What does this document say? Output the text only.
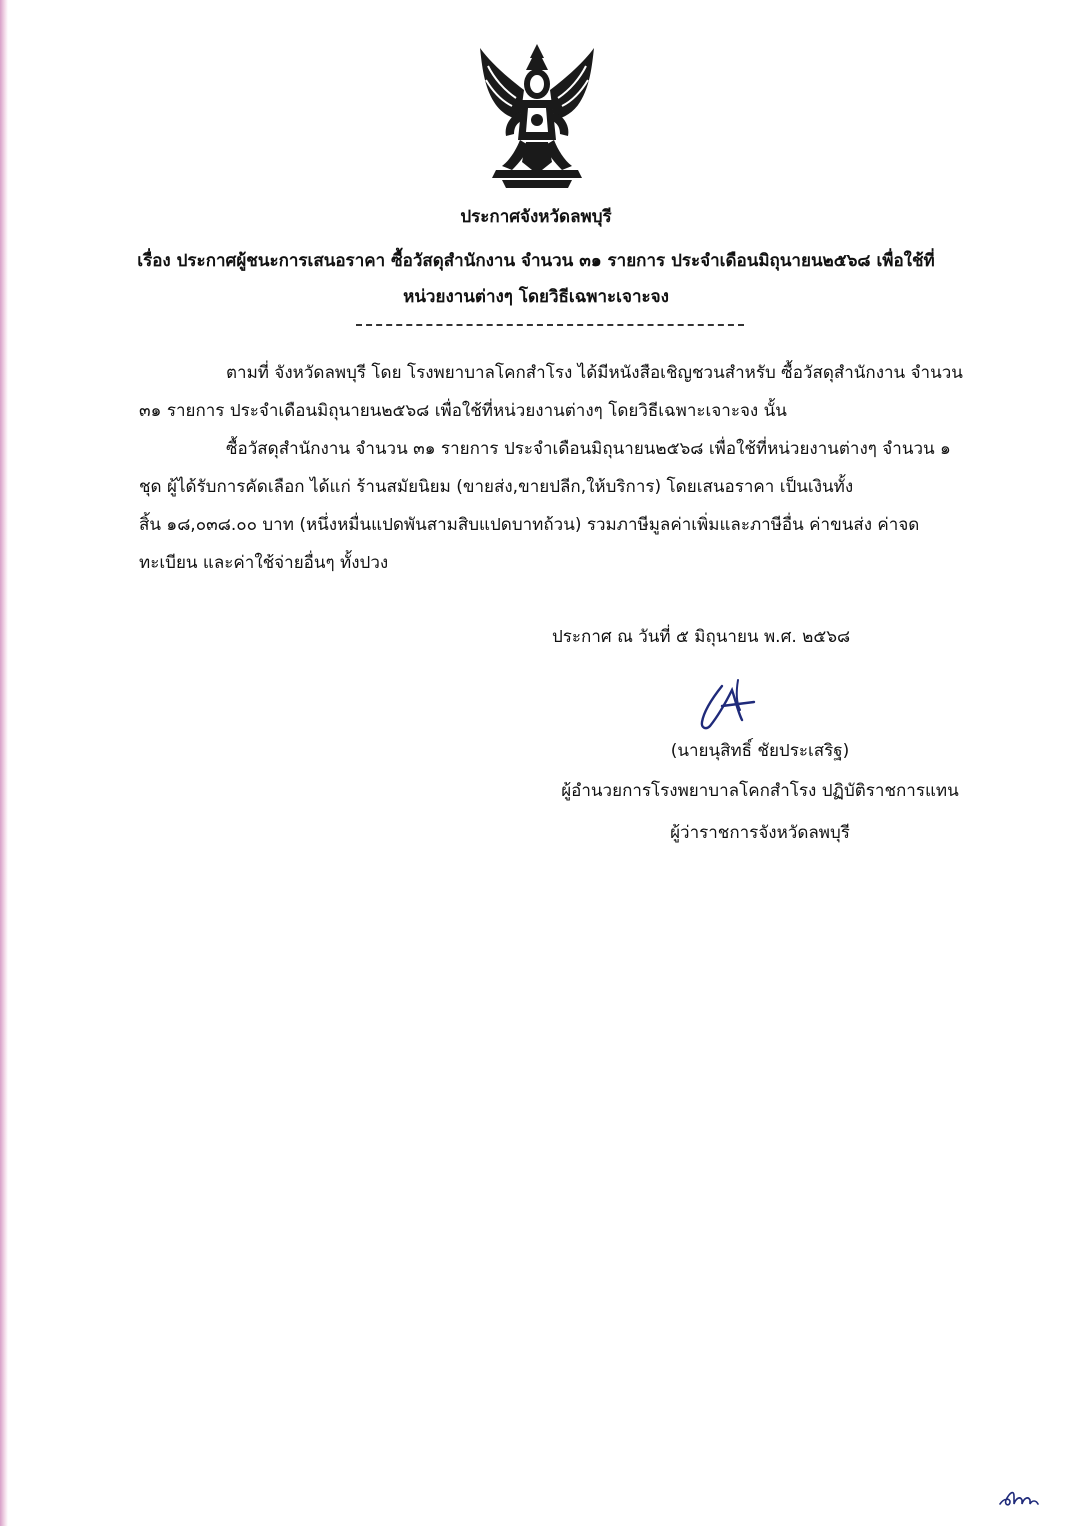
ประกาศจังหวัดลพบุรี
เรื่อง ประกาศผู้ชนะการเสนอราคา ซื้อวัสดุสำนักงาน จำนวน ๓๑ รายการ ประจำเดือนมิถุนายน๒๕๖๘ เพื่อใช้ที่
หน่วยงานต่างๆ โดยวิธีเฉพาะเจาะจง
ตามที่ จังหวัดลพบุรี โดย โรงพยาบาลโคกสำโรง ได้มีหนังสือเชิญชวนสำหรับ ซื้อวัสดุสำนักงาน จำนวน
๓๑ รายการ ประจำเดือนมิถุนายน๒๕๖๘ เพื่อใช้ที่หน่วยงานต่างๆ โดยวิธีเฉพาะเจาะจง นั้น
ซื้อวัสดุสำนักงาน จำนวน ๓๑ รายการ ประจำเดือนมิถุนายน๒๕๖๘ เพื่อใช้ที่หน่วยงานต่างๆ จำนวน ๑
ชุด ผู้ได้รับการคัดเลือก ได้แก่ ร้านสมัยนิยม (ขายส่ง,ขายปลีก,ให้บริการ) โดยเสนอราคา เป็นเงินทั้ง
สิ้น ๑๘,๐๓๘.๐๐ บาท (หนึ่งหมื่นแปดพันสามสิบแปดบาทถ้วน) รวมภาษีมูลค่าเพิ่มและภาษีอื่น ค่าขนส่ง ค่าจด
ทะเบียน และค่าใช้จ่ายอื่นๆ ทั้งปวง
ประกาศ ณ วันที่ ๕ มิถุนายน พ.ศ. ๒๕๖๘
(นายนุสิทธิ์ ชัยประเสริฐ)
ผู้อำนวยการโรงพยาบาลโคกสำโรง ปฏิบัติราชการแทน
ผู้ว่าราชการจังหวัดลพบุรี
